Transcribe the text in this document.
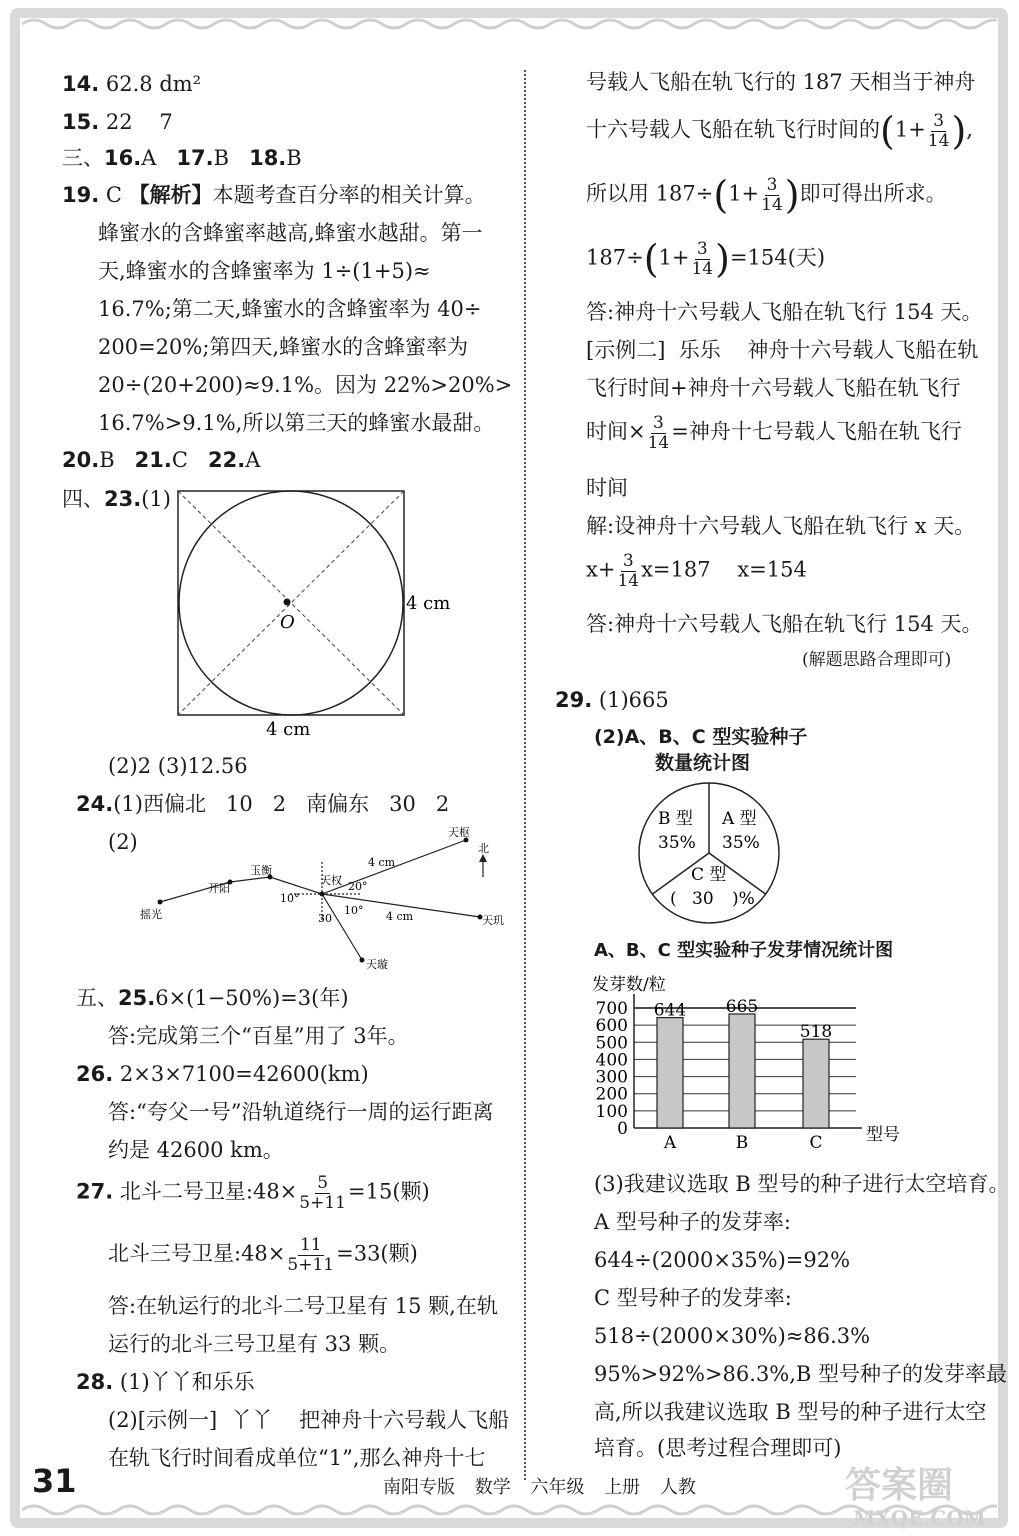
14. 62.8 dm²
15. 22    7
三、16.A 17.B 18.B
19. C 【解析】本题考查百分率的相关计算。
蜂蜜水的含蜂蜜率越高,蜂蜜水越甜。第一
天,蜂蜜水的含蜂蜜率为 1÷(1+5)≈
16.7%;第二天,蜂蜜水的含蜂蜜率为 40÷
200=20%;第四天,蜂蜜水的含蜂蜜率为
20÷(20+200)≈9.1%。因为 22%>20%>
16.7%>9.1%,所以第三天的蜂蜜水最甜。
20.B 21.C 22.A
四、23.(1)
O
4 cm
4 cm
(2)2 (3)12.56
24.(1)西偏北   10   2   南偏东   30   2
(2)	天枢
玉衡
开阳
摇光
天权
天玑
天璇
北
4 cm
4 cm
20°
10°
10°
30
五、25.6×(1−50%)=3(年)
答:完成第三个“百星”用了 3年。
26. 2×3×7100=42600(km)
答:“夸父一号”沿轨道绕行一周的运行距离
约是 42600 km。
27. 北斗二号卫星:48× $\frac{5}{5+11} =15$(颗)
北斗三号卫星:48× $\frac{11}{5+11} =33$(颗)
答:在轨运行的北斗二号卫星有 15 颗,在轨
运行的北斗三号卫星有 33 颗。
28. (1)丫丫和乐乐
(2)[示例一]  丫丫    把神舟十六号载人飞船
在轨飞行时间看成单位“1”,那么神舟十七
号载人飞船在轨飞行的 187 天相当于神舟
十六号载人飞船在轨飞行时间的($1+ \frac{3}{14}$ ),
所以用 $187\div(1+ \frac{3}{14}$ )即可得出所求。
$187\div(1+ \frac{3}{14} )=154$(天)
答:神舟十六号载人飞船在轨飞行 154 天。
[示例二]  乐乐    神舟十六号载人飞船在轨
飞行时间+神舟十六号载人飞船在轨飞行
时间× $\frac{3}{14}$ =神舟十七号载人飞船在轨飞行
时间
解:设神舟十六号载人飞船在轨飞行 x 天。
$x+ \frac{3}{14} x=187$    x=154
答:神舟十六号载人飞船在轨飞行 154 天。
(解题思路合理即可)
29. (1)665
(2)A、B、C 型实验种子
数量统计图
B 型
35%
A 型
35%
C 型
( 30 )%
A、B、C 型实验种子发芽情况统计图
发芽数/粒
型号
0
100
200
300
400
500
600
700 644
A
665
B
518
C
(3)我建议选取 B 型号的种子进行太空培育。
A 型号种子的发芽率:
644÷(2000×35%)=92%
C 型号种子的发芽率:
518÷(2000×30%)≈86.3%
95%>92%>86.3%,B 型号种子的发芽率最
高,所以我建议选取 B 型号的种子进行太空
培育。(思考过程合理即可)
31	南阳专版 数学 六年级 上册 人教	答案圈
MXQE.COM
